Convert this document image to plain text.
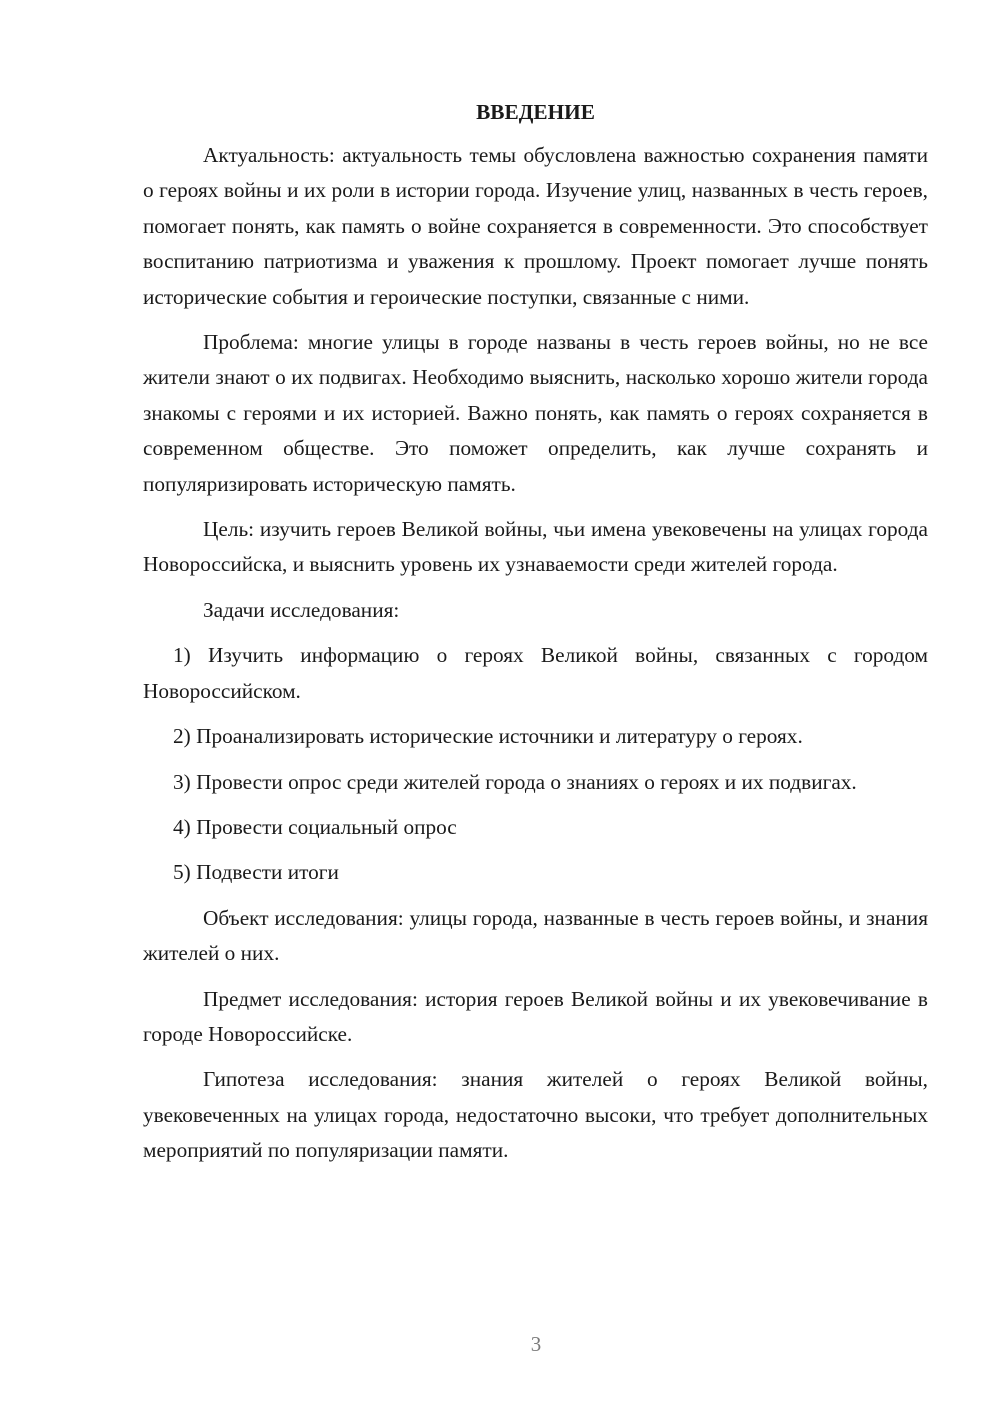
ВВЕДЕНИЕ

Актуальность: актуальность темы обусловлена важностью сохранения памяти о героях войны и их роли в истории города. Изучение улиц, названных в честь героев, помогает понять, как память о войне сохраняется в современности. Это способствует воспитанию патриотизма и уважения к прошлому. Проект помогает лучше понять исторические события и героические поступки, связанные с ними.

Проблема: многие улицы в городе названы в честь героев войны, но не все жители знают о их подвигах. Необходимо выяснить, насколько хорошо жители города знакомы с героями и их историей. Важно понять, как память о героях сохраняется в современном обществе. Это поможет определить, как лучше сохранять и популяризировать историческую память.

Цель: изучить героев Великой войны, чьи имена увековечены на улицах города Новороссийска, и выяснить уровень их узнаваемости среди жителей города.

Задачи исследования:

1) Изучить информацию о героях Великой войны, связанных с городом Новороссийском.

2) Проанализировать исторические источники и литературу о героях.

3) Провести опрос среди жителей города о знаниях о героях и их подвигах.

4) Провести социальный опрос

5) Подвести итоги

Объект исследования: улицы города, названные в честь героев войны, и знания жителей о них.

Предмет исследования: история героев Великой войны и их увековечивание в городе Новороссийске.

Гипотеза исследования: знания жителей о героях Великой войны, увековеченных на улицах города, недостаточно высоки, что требует дополнительных мероприятий по популяризации памяти.

3
